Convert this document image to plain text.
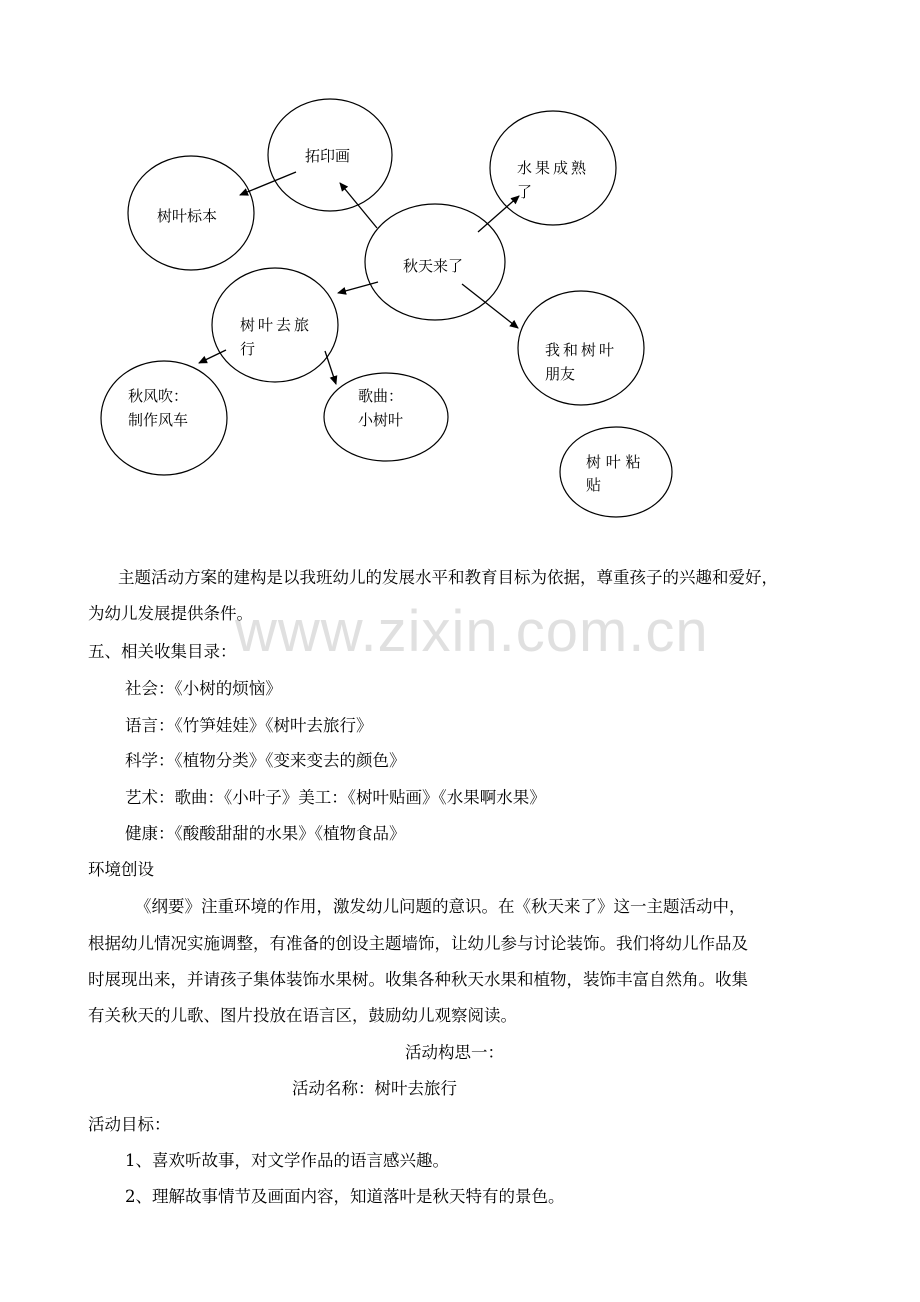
拓印画
树叶标本
水果成熟
了
秋天来了
树叶去旅
行	我和树叶
朋友
秋风吹：
制作风车
歌曲：
小树叶
树 叶 粘
贴
www.zixin.com.cn
主题活动方案的建构是以我班幼儿的发展水平和教育目标为依据，尊重孩子的兴趣和爱好，
为幼儿发展提供条件。
五、相关收集目录：
社会：《小树的烦恼》
语言：《竹笋娃娃》《树叶去旅行》
科学：《植物分类》《变来变去的颜色》
艺术：歌曲：《小叶子》美工：《树叶贴画》《水果啊水果》
健康：《酸酸甜甜的水果》《植物食品》
环境创设
《纲要》注重环境的作用，激发幼儿问题的意识。在《秋天来了》这一主题活动中，
根据幼儿情况实施调整，有准备的创设主题墙饰，让幼儿参与讨论装饰。我们将幼儿作品及
时展现出来，并请孩子集体装饰水果树。收集各种秋天水果和植物，装饰丰富自然角。收集
有关秋天的儿歌、图片投放在语言区，鼓励幼儿观察阅读。
活动构思一：
活动名称：树叶去旅行
活动目标：
1、喜欢听故事，对文学作品的语言感兴趣。
2、理解故事情节及画面内容，知道落叶是秋天特有的景色。
